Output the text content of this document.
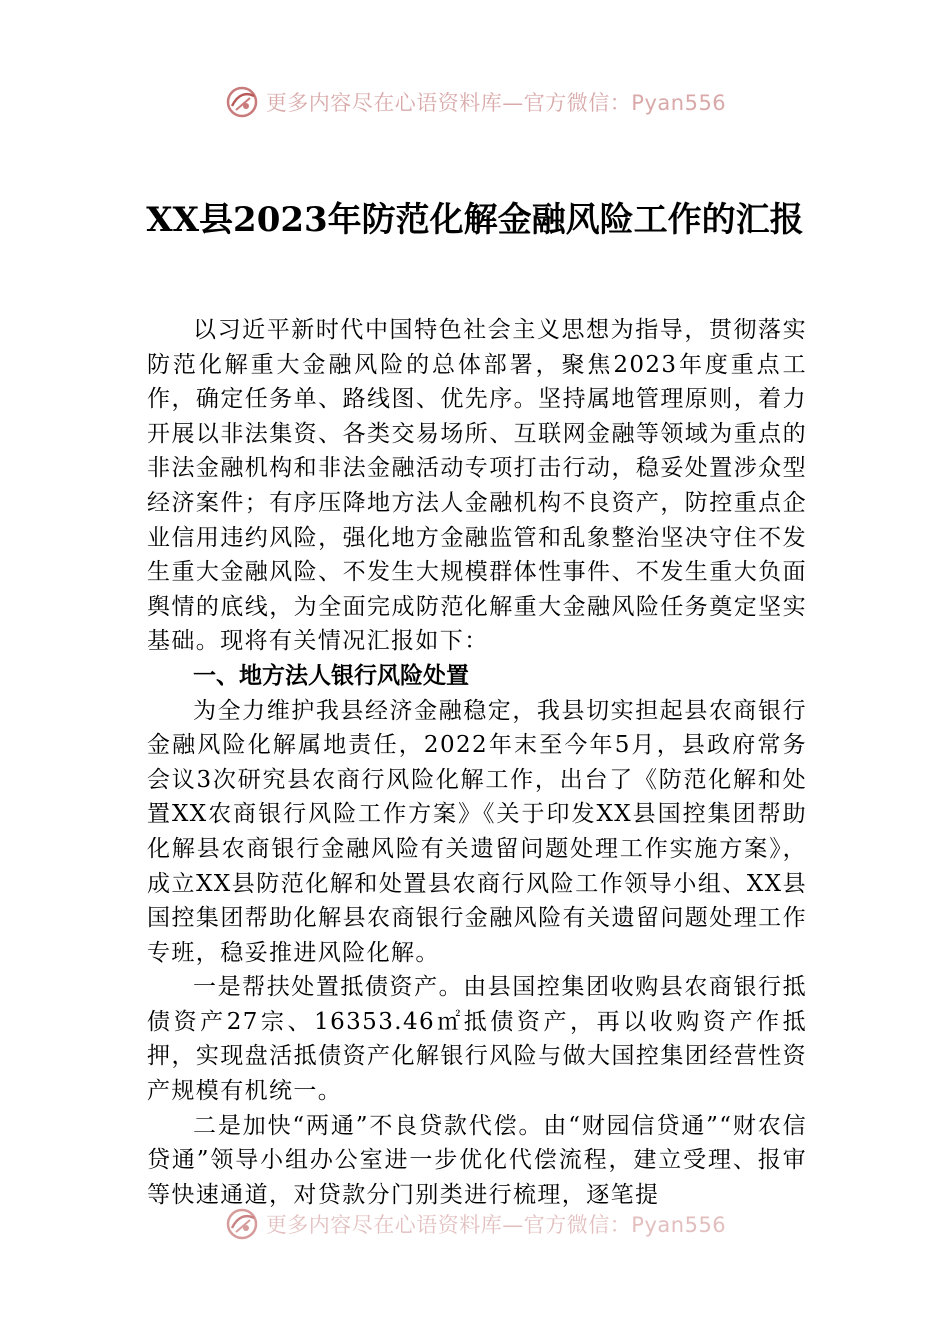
更多内容尽在心语资料库—官方微信：Pyan556
XX县2023年防范化解金融风险工作的汇报

以习近平新时代中国特色社会主义思想为指导，贯彻落实防范化解重大金融风险的总体部署，聚焦2023年度重点工作，确定任务单、路线图、优先序。坚持属地管理原则，着力开展以非法集资、各类交易场所、互联网金融等领域为重点的非法金融机构和非法金融活动专项打击行动，稳妥处置涉众型经济案件；有序压降地方法人金融机构不良资产，防控重点企业信用违约风险，强化地方金融监管和乱象整治坚决守住不发生重大金融风险、不发生大规模群体性事件、不发生重大负面舆情的底线，为全面完成防范化解重大金融风险任务奠定坚实基础。现将有关情况汇报如下：

一、地方法人银行风险处置

为全力维护我县经济金融稳定，我县切实担起县农商银行金融风险化解属地责任，2022年末至今年5月，县政府常务会议3次研究县农商行风险化解工作，出台了《防范化解和处置XX农商银行风险工作方案》《关于印发XX县国控集团帮助化解县农商银行金融风险有关遗留问题处理工作实施方案》，成立XX县防范化解和处置县农商行风险工作领导小组、XX县国控集团帮助化解县农商银行金融风险有关遗留问题处理工作专班，稳妥推进风险化解。

一是帮扶处置抵债资产。由县国控集团收购县农商银行抵债资产27宗、16353.46㎡抵债资产，再以收购资产作抵押，实现盘活抵债资产化解银行风险与做大国控集团经营性资产规模有机统一。

二是加快“两通”不良贷款代偿。由“财园信贷通”“财农信贷通”领导小组办公室进一步优化代偿流程，建立受理、报审等快速通道，对贷款分门别类进行梳理，逐笔提

更多内容尽在心语资料库—官方微信：Pyan556
